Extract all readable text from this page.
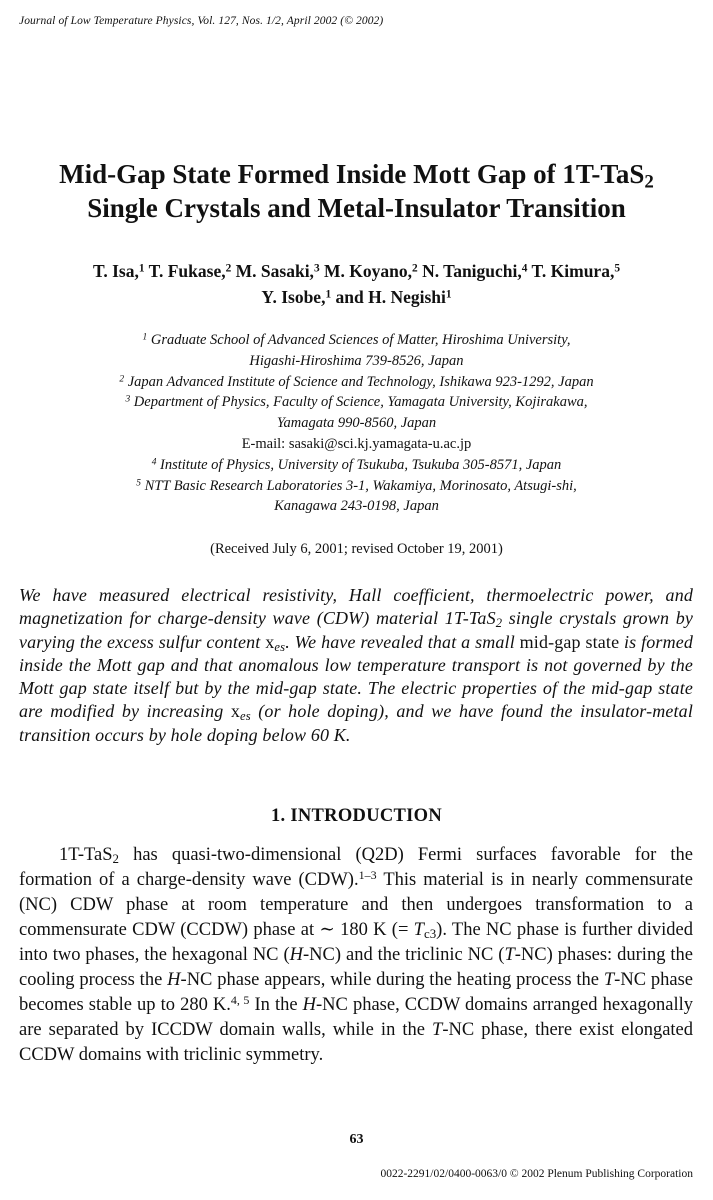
Journal of Low Temperature Physics, Vol. 127, Nos. 1/2, April 2002 (© 2002)
Mid-Gap State Formed Inside Mott Gap of 1T-TaS$_2$
Single Crystals and Metal-Insulator Transition
T. Isa,$^1$ T. Fukase,$^2$ M. Sasaki,$^3$ M. Koyano,$^2$ N. Taniguchi,$^4$ T. Kimura,$^5$
Y. Isobe,$^1$ and H. Negishi$^1$
$^1$ Graduate School of Advanced Sciences of Matter, Hiroshima University,
Higashi-Hiroshima 739-8526, Japan
$^2$ Japan Advanced Institute of Science and Technology, Ishikawa 923-1292, Japan
$^3$ Department of Physics, Faculty of Science, Yamagata University, Kojirakawa,
Yamagata 990-8560, Japan
E-mail: sasaki@sci.kj.yamagata-u.ac.jp
$^4$ Institute of Physics, University of Tsukuba, Tsukuba 305-8571, Japan
$^5$ NTT Basic Research Laboratories 3-1, Wakamiya, Morinosato, Atsugi-shi,
Kanagawa 243-0198, Japan
(Received July 6, 2001; revised October 19, 2001)
We have measured electrical resistivity, Hall coefficient, thermoelectric power, and magnetization for charge-density wave (CDW) material 1T-TaS$_2$ single crystals grown by varying the excess sulfur content $x_{es}$. We have revealed that a small mid-gap state is formed inside the Mott gap and that anomalous low temperature transport is not governed by the Mott gap state itself but by the mid-gap state. The electric properties of the mid-gap state are modified by increasing $x_{es}$ (or hole doping), and we have found the insulator-metal transition occurs by hole doping below 60 K.
1. INTRODUCTION
1T-TaS$_2$ has quasi-two-dimensional (Q2D) Fermi surfaces favorable for the formation of a charge-density wave (CDW).$^{1-3}$ This material is in nearly commensurate (NC) CDW phase at room temperature and then undergoes transformation to a commensurate CDW (CCDW) phase at ∼ 180 K (= $T_{c3}$). The NC phase is further divided into two phases, the hexagonal NC (H-NC) and the triclinic NC (T-NC) phases: during the cooling process the H-NC phase appears, while during the heating process the T-NC phase becomes stable up to 280 K.$^{4, 5}$ In the H-NC phase, CCDW domains arranged hexagonally are separated by ICCDW domain walls, while in the T-NC phase, there exist elongated CCDW domains with triclinic symmetry.
63
0022-2291/02/0400-0063/0 © 2002 Plenum Publishing Corporation
